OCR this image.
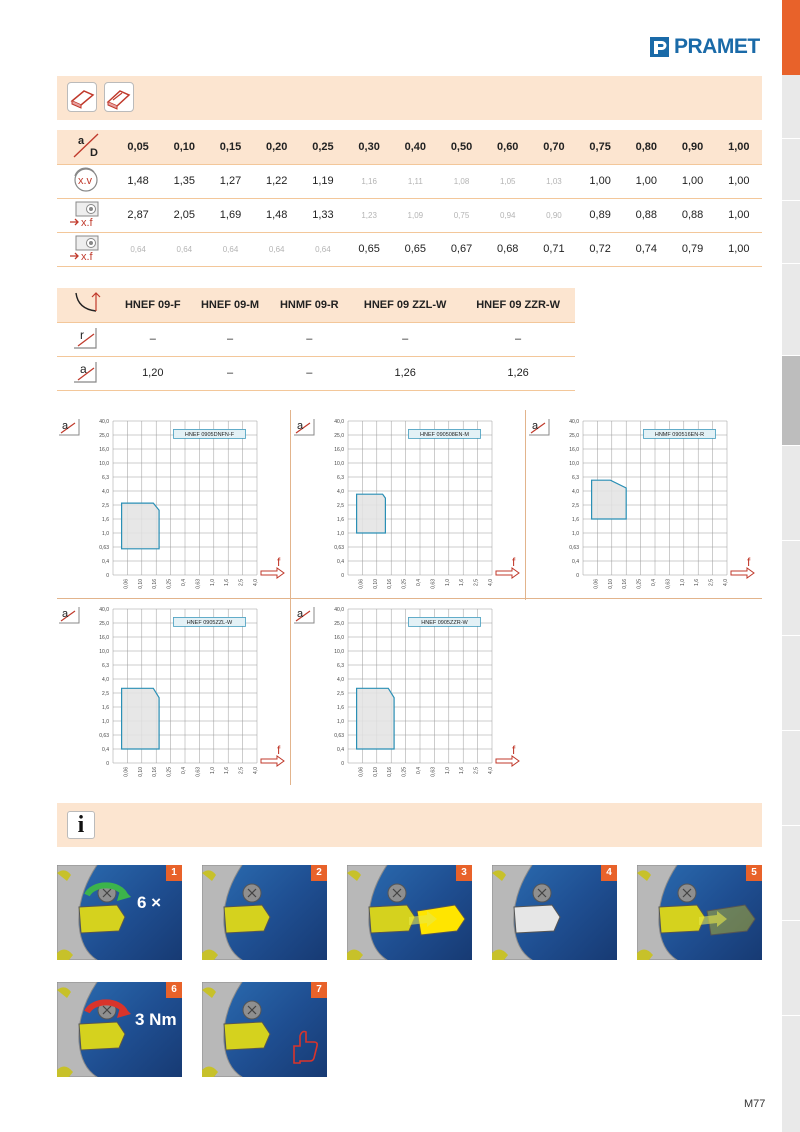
PRAMET
a
D	0,05	0,10	0,15	0,20	0,25	0,30	0,40	0,50	0,60	0,70	0,75	0,80	0,90	1,00

x.v	1,48	1,35	1,27	1,22	1,19	1,16	1,11	1,08	1,05	1,03	1,00	1,00	1,00	1,00

x.f	2,87	2,05	1,69	1,48	1,33	1,23	1,09	0,75	0,94	0,90	0,89	0,88	0,88	1,00

x.f	0,64	0,64	0,64	0,64	0,64	0,65	0,65	0,67	0,68	0,71	0,72	0,74	0,79	1,00
	HNEF 09-F	HNEF 09-M	HNMF 09-R	HNEF 09 ZZL-W	HNEF 09 ZZR-W

r	–	–	–	–	–

a	1,20	–	–	1,26	1,26
a	40,0
25,0
16,0
10,0
6,3
4,0
2,5
1,6
1,0
0,63
0,4
0
0,06 0,10 0,16 0,25 0,4 0,63 1,0 1,6 2,5 4,0
HNEF 0905DNFN-F
f
a	40,0
25,0
16,0
10,0
6,3
4,0
2,5
1,6
1,0
0,63
0,4
0
0,06 0,10 0,16 0,25 0,4 0,63 1,0 1,6 2,5 4,0
HNEF 090508EN-M
f
a	40,0
25,0
16,0
10,0
6,3
4,0
2,5
1,6
1,0
0,63
0,4
0
0,06 0,10 0,16 0,25 0,4 0,63 1,0 1,6 2,5 4,0
HNMF 090516EN-R
f
a	40,0
25,0
16,0
10,0
6,3
4,0
2,5
1,6
1,0
0,63
0,4
0
0,06 0,10 0,16 0,25 0,4 0,63 1,0 1,6 2,5 4,0
HNEF 0905ZZL-W
f
a	40,0
25,0
16,0
10,0
6,3
4,0
2,5
1,6
1,0
0,63
0,4
0
0,06 0,10 0,16 0,25 0,4 0,63 1,0 1,6 2,5 4,0
HNEF 0905ZZR-W
f
i
1
6 ×
2	3	4	5
6
3 Nm
7
M77
